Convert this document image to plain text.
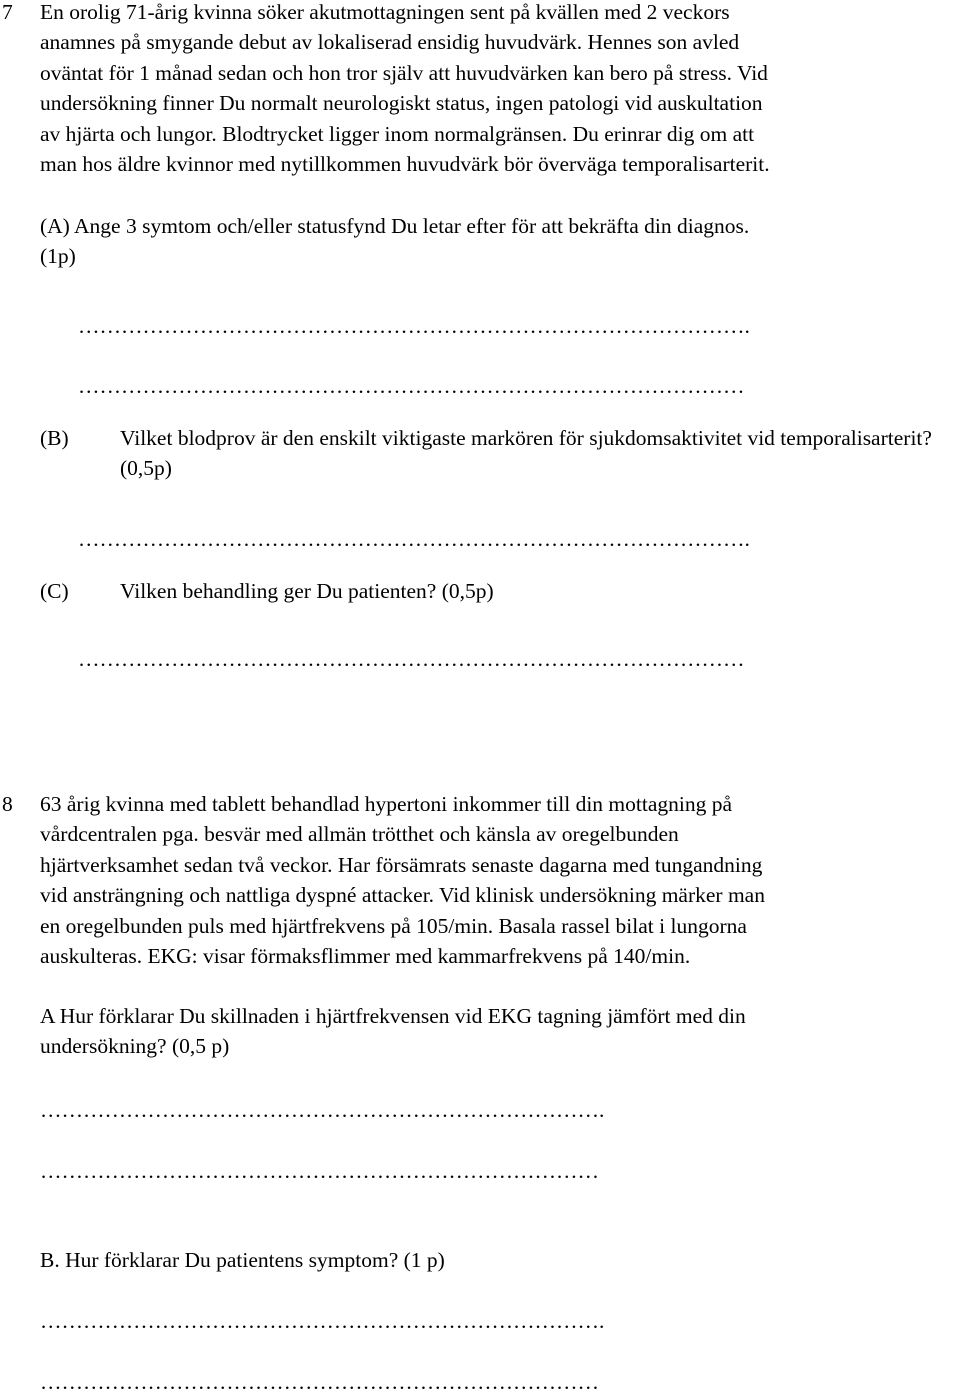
7 En orolig 71-årig kvinna söker akutmottagningen sent på kvällen med 2 veckors
anamnes på smygande debut av lokaliserad ensidig huvudvärk. Hennes son avled
oväntat för 1 månad sedan och hon tror själv att huvudvärken kan bero på stress. Vid
undersökning finner Du normalt neurologiskt status, ingen patologi vid auskultation
av hjärta och lungor. Blodtrycket ligger inom normalgränsen. Du erinrar dig om att
man hos äldre kvinnor med nytillkommen huvudvärk bör överväga temporalisarterit.

(A) Ange 3 symtom och/eller statusfynd Du letar efter för att bekräfta din diagnos.
(1p)

………………………………………………………………………………….
…………………………………………………………………………………

(B) Vilket blodprov är den enskilt viktigaste markören för sjukdomsaktivitet vid temporalisarterit? (0,5p)

………………………………………………………………………………….

(C) Vilken behandling ger Du patienten? (0,5p)

…………………………………………………………………………………
8 63 årig kvinna med tablett behandlad hypertoni inkommer till din mottagning på
vårdcentralen pga. besvär med allmän trötthet och känsla av oregelbunden
hjärtverksamhet sedan två veckor. Har försämrats senaste dagarna med tungandning
vid ansträngning och nattliga dyspné attacker. Vid klinisk undersökning märker man
en oregelbunden puls med hjärtfrekvens på 105/min. Basala rassel bilat i lungorna
auskulteras. EKG: visar förmaksflimmer med kammarfrekvens på 140/min.

A Hur förklarar Du skillnaden i hjärtfrekvensen vid EKG tagning jämfört med din
undersökning? (0,5 p)

…………………………………………………………………….
……………………………………………………………………

B. Hur förklarar Du patientens symptom? (1 p)

…………………………………………………………………….
……………………………………………………………………
